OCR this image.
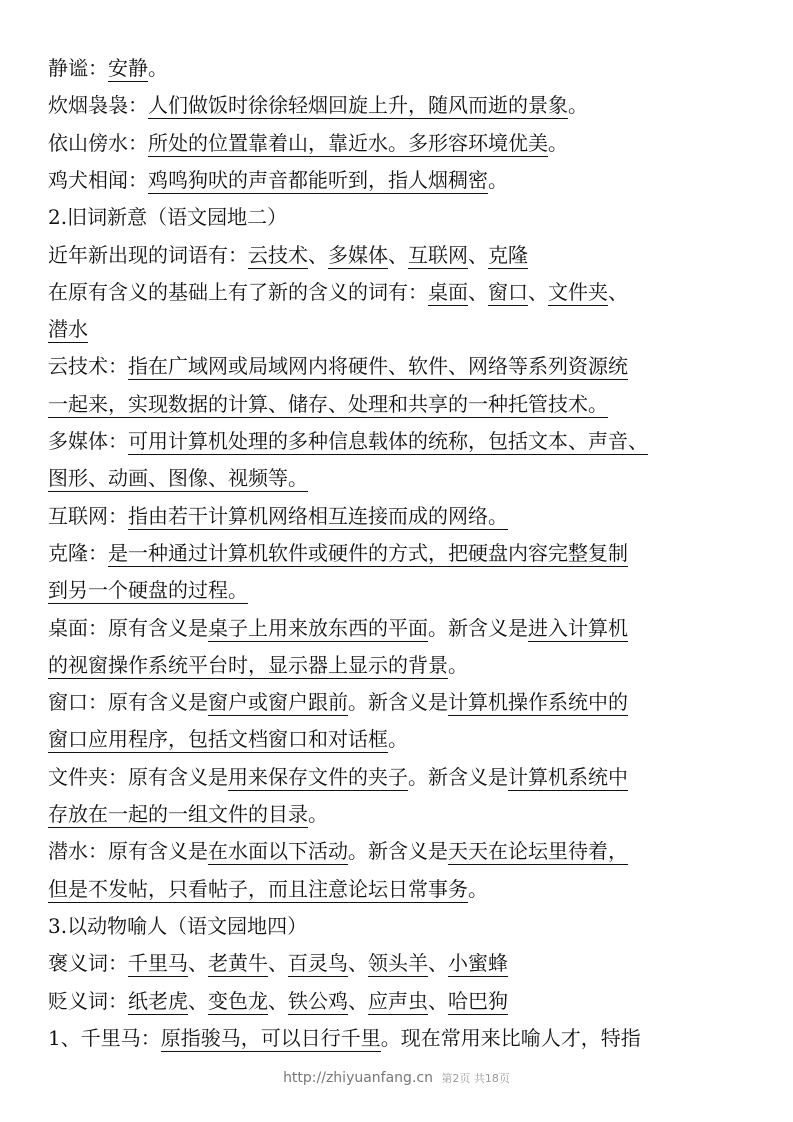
静谧：安静。
炊烟袅袅：人们做饭时徐徐轻烟回旋上升，随风而逝的景象。
依山傍水：所处的位置靠着山，靠近水。多形容环境优美。
鸡犬相闻：鸡鸣狗吠的声音都能听到，指人烟稠密。
2.旧词新意（语文园地二）
近年新出现的词语有：云技术、多媒体、互联网、克隆
在原有含义的基础上有了新的含义的词有：桌面、窗口、文件夹、
潜水
云技术：指在广域网或局域网内将硬件、软件、网络等系列资源统
一起来，实现数据的计算、储存、处理和共享的一种托管技术。
多媒体：可用计算机处理的多种信息载体的统称，包括文本、声音、
图形、动画、图像、视频等。
互联网：指由若干计算机网络相互连接而成的网络。
克隆：是一种通过计算机软件或硬件的方式，把硬盘内容完整复制
到另一个硬盘的过程。
桌面：原有含义是桌子上用来放东西的平面。新含义是进入计算机
的视窗操作系统平台时，显示器上显示的背景。
窗口：原有含义是窗户或窗户跟前。新含义是计算机操作系统中的
窗口应用程序，包括文档窗口和对话框。
文件夹：原有含义是用来保存文件的夹子。新含义是计算机系统中
存放在一起的一组文件的目录。
潜水：原有含义是在水面以下活动。新含义是天天在论坛里待着，
但是不发帖，只看帖子，而且注意论坛日常事务。
3.以动物喻人（语文园地四）
褒义词：千里马、老黄牛、百灵鸟、领头羊、小蜜蜂
贬义词：纸老虎、变色龙、铁公鸡、应声虫、哈巴狗
1、千里马：原指骏马，可以日行千里。现在常用来比喻人才，特指
http://zhiyuanfang.cn 第2页 共18页
